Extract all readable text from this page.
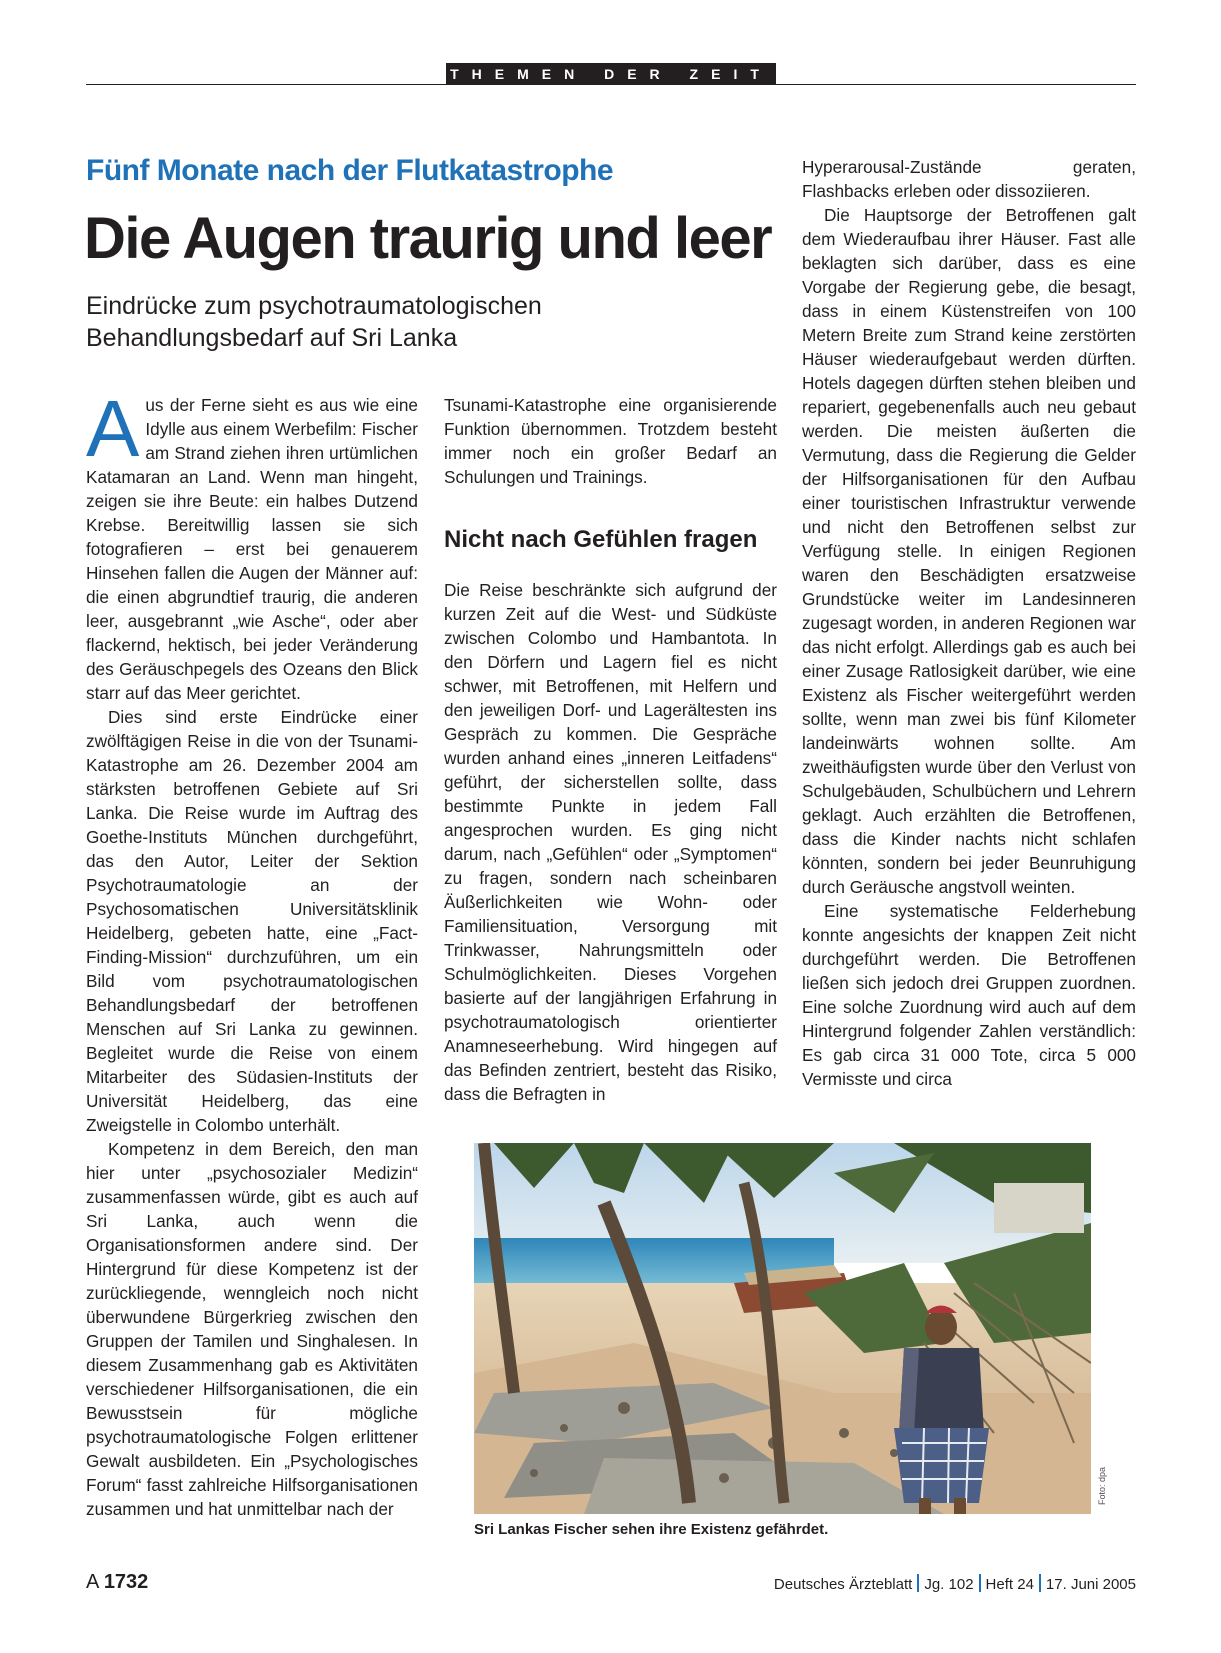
THEMEN DER ZEIT
Fünf Monate nach der Flutkatastrophe
Die Augen traurig und leer
Eindrücke zum psychotraumatologischen Behandlungsbedarf auf Sri Lanka

Aus der Ferne sieht es aus wie eine Idylle aus einem Werbefilm: Fischer am Strand ziehen ihren urtümlichen Katamaran an Land. Wenn man hingeht, zeigen sie ihre Beute: ein halbes Dutzend Krebse. Bereitwillig lassen sie sich fotografieren – erst bei genauerem Hinsehen fallen die Augen der Männer auf: die einen abgrundtief traurig, die anderen leer, ausgebrannt „wie Asche“, oder aber flackernd, hektisch, bei jeder Veränderung des Geräuschpegels des Ozeans den Blick starr auf das Meer gerichtet.

Dies sind erste Eindrücke einer zwölftägigen Reise in die von der Tsunami-Katastrophe am 26. Dezember 2004 am stärksten betroffenen Gebiete auf Sri Lanka. Die Reise wurde im Auftrag des Goethe-Instituts München durchgeführt, das den Autor, Leiter der Sektion Psychotraumatologie an der Psychosomatischen Universitätsklinik Heidelberg, gebeten hatte, eine „Fact-Finding-Mission“ durchzuführen, um ein Bild vom psychotraumatologischen Behandlungsbedarf der betroffenen Menschen auf Sri Lanka zu gewinnen. Begleitet wurde die Reise von einem Mitarbeiter des Südasien-Instituts der Universität Heidelberg, das eine Zweigstelle in Colombo unterhält.

Kompetenz in dem Bereich, den man hier unter „psychosozialer Medizin“ zusammenfassen würde, gibt es auch auf Sri Lanka, auch wenn die Organisationsformen andere sind. Der Hintergrund für diese Kompetenz ist der zurückliegende, wenngleich noch nicht überwundene Bürgerkrieg zwischen den Gruppen der Tamilen und Singhalesen. In diesem Zusammenhang gab es Aktivitäten verschiedener Hilfsorganisationen, die ein Bewusstsein für mögliche psychotraumatologische Folgen erlittener Gewalt ausbildeten. Ein „Psychologisches Forum“ fasst zahlreiche Hilfsorganisationen zusammen und hat unmittelbar nach der

Tsunami-Katastrophe eine organisierende Funktion übernommen. Trotzdem besteht immer noch ein großer Bedarf an Schulungen und Trainings.

Nicht nach Gefühlen fragen

Die Reise beschränkte sich aufgrund der kurzen Zeit auf die West- und Südküste zwischen Colombo und Hambantota. In den Dörfern und Lagern fiel es nicht schwer, mit Betroffenen, mit Helfern und den jeweiligen Dorf- und Lagerältesten ins Gespräch zu kommen. Die Gespräche wurden anhand eines „inneren Leitfadens“ geführt, der sicherstellen sollte, dass bestimmte Punkte in jedem Fall angesprochen wurden. Es ging nicht darum, nach „Gefühlen“ oder „Symptomen“ zu fragen, sondern nach scheinbaren Äußerlichkeiten wie Wohn- oder Familiensituation, Versorgung mit Trinkwasser, Nahrungsmitteln oder Schulmöglichkeiten. Dieses Vorgehen basierte auf der langjährigen Erfahrung in psychotraumatologisch orientierter Anamneseerhebung. Wird hingegen auf das Befinden zentriert, besteht das Risiko, dass die Befragten in

Hyperarousal-Zustände geraten, Flashbacks erleben oder dissoziieren.

Die Hauptsorge der Betroffenen galt dem Wiederaufbau ihrer Häuser. Fast alle beklagten sich darüber, dass es eine Vorgabe der Regierung gebe, die besagt, dass in einem Küstenstreifen von 100 Metern Breite zum Strand keine zerstörten Häuser wiederaufgebaut werden dürften. Hotels dagegen dürften stehen bleiben und repariert, gegebenenfalls auch neu gebaut werden. Die meisten äußerten die Vermutung, dass die Regierung die Gelder der Hilfsorganisationen für den Aufbau einer touristischen Infrastruktur verwende und nicht den Betroffenen selbst zur Verfügung stelle. In einigen Regionen waren den Beschädigten ersatzweise Grundstücke weiter im Landesinneren zugesagt worden, in anderen Regionen war das nicht erfolgt. Allerdings gab es auch bei einer Zusage Ratlosigkeit darüber, wie eine Existenz als Fischer weitergeführt werden sollte, wenn man zwei bis fünf Kilometer landeinwärts wohnen sollte. Am zweithäufigsten wurde über den Verlust von Schulgebäuden, Schulbüchern und Lehrern geklagt. Auch erzählten die Betroffenen, dass die Kinder nachts nicht schlafen könnten, sondern bei jeder Beunruhigung durch Geräusche angstvoll weinten.

Eine systematische Felderhebung konnte angesichts der knappen Zeit nicht durchgeführt werden. Die Betroffenen ließen sich jedoch drei Gruppen zuordnen. Eine solche Zuordnung wird auch auf dem Hintergrund folgender Zahlen verständlich: Es gab circa 31 000 Tote, circa 5 000 Vermisste und circa

Foto: dpa
Sri Lankas Fischer sehen ihre Existenz gefährdet.
A 1732	Deutsches Ärzteblatt Jg. 102 Heft 24 17. Juni 2005
